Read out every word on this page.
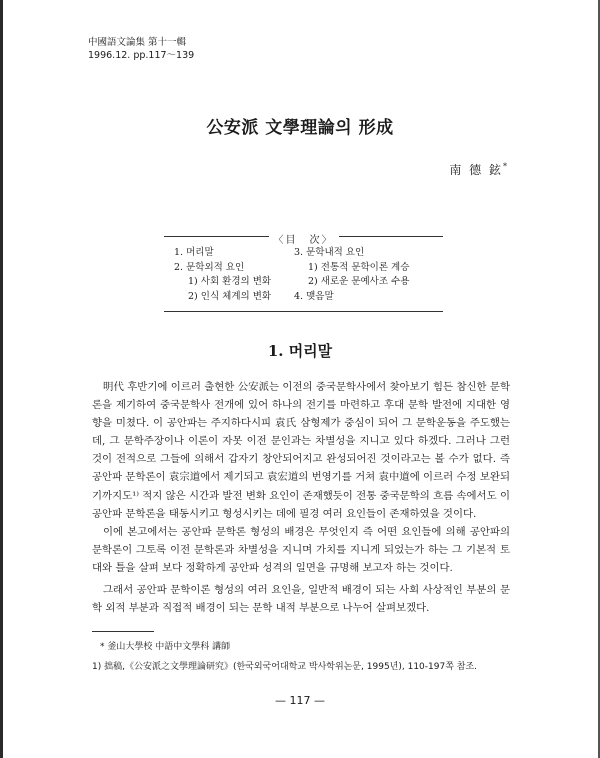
中國語文論集 第十一輯
1996.12. pp.117～139
公安派 文學理論의 形成
南 德 鉉*
〈目　次〉
1. 머리말
2. 문학외적 요인
1) 사회 환경의 변화
2) 인식 체계의 변화
3. 문학내적 요인
1) 전통적 문학이론 계승
2) 새로운 문예사조 수용
4. 맺음말
1. 머리말

明代 후반기에 이르러 출현한 公安派는 이전의 중국문학사에서 찾아보기 힘든 참신한 문학론을 제기하여 중국문학사 전개에 있어 하나의 전기를 마련하고 후대 문학 발전에 지대한 영향을 미쳤다. 이 공안파는 주지하다시피 袁氏 삼형제가 중심이 되어 그 문학운동을 주도했는데, 그 문학주장이나 이론이 자못 이전 문인과는 차별성을 지니고 있다 하겠다. 그러나 그런 것이 전적으로 그들에 의해서 갑자기 창안되어지고 완성되어진 것이라고는 볼 수가 없다. 즉 공안파 문학론이 袁宗道에서 제기되고 袁宏道의 번영기를 거쳐 袁中道에 이르러 수정 보완되기까지도¹⁾ 적지 않은 시간과 발전 변화 요인이 존재했듯이 전통 중국문학의 흐름 속에서도 이 공안파 문학론을 태동시키고 형성시키는 데에 필경 여러 요인들이 존재하였을 것이다.

이에 본고에서는 공안파 문학론 형성의 배경은 무엇인지 즉 어떤 요인들에 의해 공안파의 문학론이 그토록 이전 문학론과 차별성을 지니며 가치를 지니게 되었는가 하는 그 기본적 토대와 틀을 살펴 보다 정확하게 공안파 성격의 일면을 규명해 보고자 하는 것이다.

그래서 공안파 문학이론 형성의 여러 요인을, 일반적 배경이 되는 사회 사상적인 부분의 문학 외적 부분과 직접적 배경이 되는 문학 내적 부분으로 나누어 살펴보겠다.

* 釜山大學校 中語中文學科 講師
1) 拙稿,《公安派之文學理論研究》(한국외국어대학교 박사학위논문, 1995년), 110-197쪽 참조.
— 117 —
